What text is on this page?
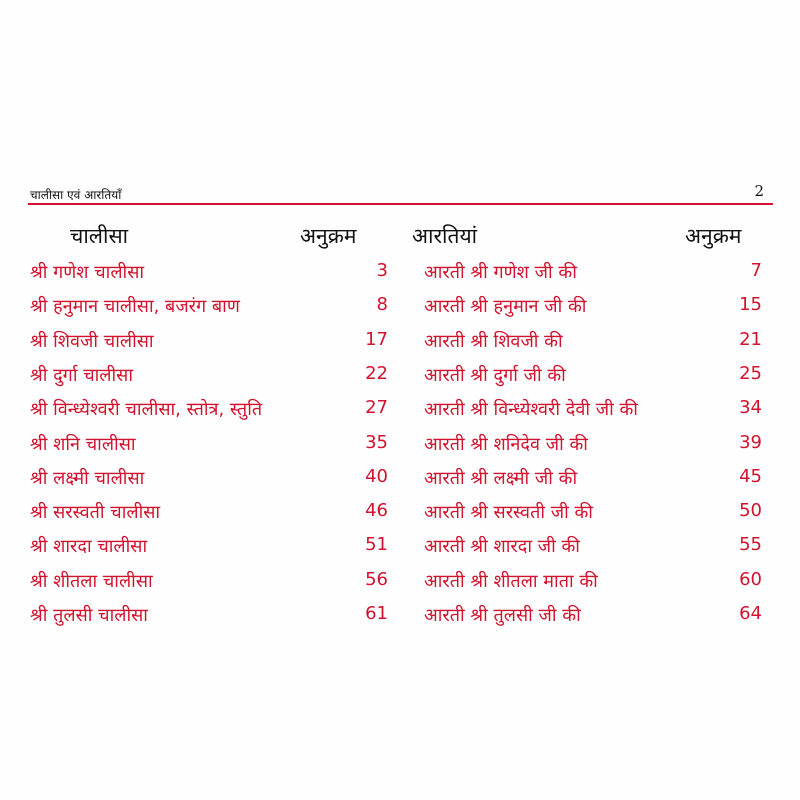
चालीसा एवं आरतियाँ	2
चालीसा	अनुक्रम	आरतियां	अनुक्रम
श्री गणेश चालीसा	3 आरती श्री गणेश जी की	7
श्री हनुमान चालीसा, बजरंग बाण	8 आरती श्री हनुमान जी की	15
श्री शिवजी चालीसा	17 आरती श्री शिवजी की	21
श्री दुर्गा चालीसा	22 आरती श्री दुर्गा जी की	25
श्री विन्ध्येश्वरी चालीसा, स्तोत्र, स्तुति	27 आरती श्री विन्ध्येश्वरी देवी जी की	34
श्री शनि चालीसा	35 आरती श्री शनिदेव जी की	39
श्री लक्ष्मी चालीसा	40 आरती श्री लक्ष्मी जी की	45
श्री सरस्वती चालीसा	46 आरती श्री सरस्वती जी की	50
श्री शारदा चालीसा	51 आरती श्री शारदा जी की	55
श्री शीतला चालीसा	56 आरती श्री शीतला माता की	60
श्री तुलसी चालीसा	61 आरती श्री तुलसी जी की	64
